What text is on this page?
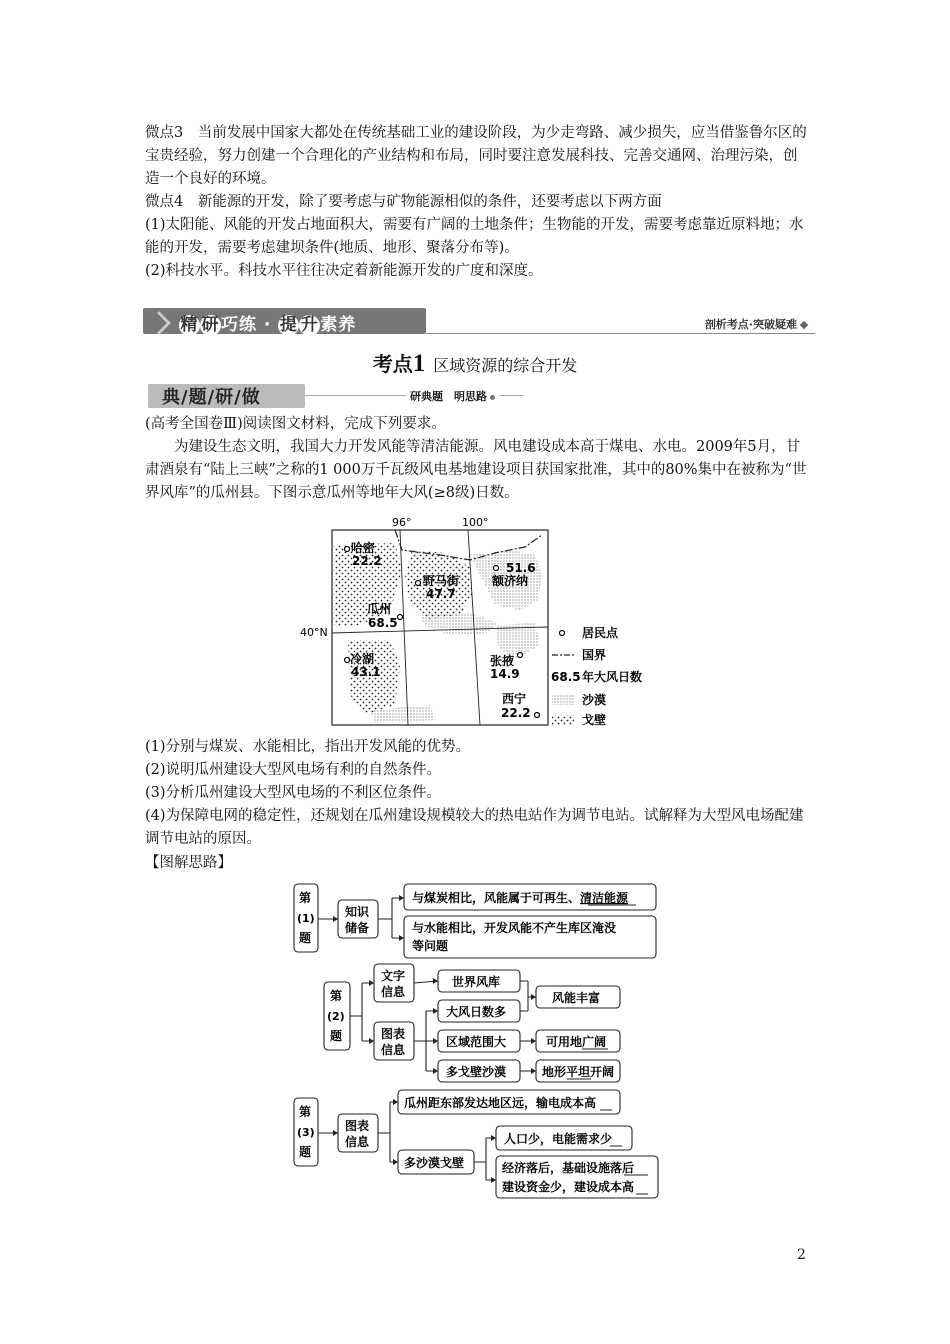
微点3　当前发展中国家大都处在传统基础工业的建设阶段，为少走弯路、减少损失，应当借鉴鲁尔区的宝贵经验，努力创建一个合理化的产业结构和布局，同时要注意发展科技、完善交通网、治理污染，创造一个良好的环境。

微点4　新能源的开发，除了要考虑与矿物能源相似的条件，还要考虑以下两方面

(1)太阳能、风能的开发占地面积大，需要有广阔的土地条件；生物能的开发，需要考虑靠近原料地；水能的开发，需要考虑建坝条件(地质、地形、聚落分布等)。

(2)科技水平。科技水平往往决定着新能源开发的广度和深度。

精 研巧练 · 提 升素养	剖析考点·突破疑难
考点1 区域资源的综合开发
典/题/研/做	研典题　明思路

(高考全国卷Ⅲ)阅读图文材料，完成下列要求。

为建设生态文明，我国大力开发风能等清洁能源。风电建设成本高于煤电、水电。2009年5月，甘肃酒泉有“陆上三峡”之称的1 000万千瓦级风电基地建设项目获国家批准，其中的80%集中在被称为“世界风库”的瓜州县。下图示意瓜州等地年大风(≥8级)日数。

96°	100°
40°N
哈密
22.2
野马街
47.7
51.6
额济纳
瓜州
68.5
冷湖
43.1
张掖
14.9
西宁
22.2
居民点
国界
68.5 年大风日数
沙漠
戈壁

(1)分别与煤炭、水能相比，指出开发风能的优势。

(2)说明瓜州建设大型风电场有利的自然条件。

(3)分析瓜州建设大型风电场的不利区位条件。

(4)为保障电网的稳定性，还规划在瓜州建设规模较大的热电站作为调节电站。试解释为大型风电场配建调节电站的原因。

【图解思路】

第
(1)
题
知识
储备
与煤炭相比，风能属于可再生、清洁能源
与水能相比，开发风能不产生库区淹没
等问题
第
(2)
题
文字
信息
图表
信息
世界风库
大风日数多
区域范围大
多戈壁沙漠
风能丰富
可用地广阔
地形平坦开阔
第
(3)
题
图表
信息
瓜州距东部发达地区远，输电成本高
多沙漠戈壁
人口少，电能需求少
经济落后，基础设施落后
建设资金少，建设成本高
2
